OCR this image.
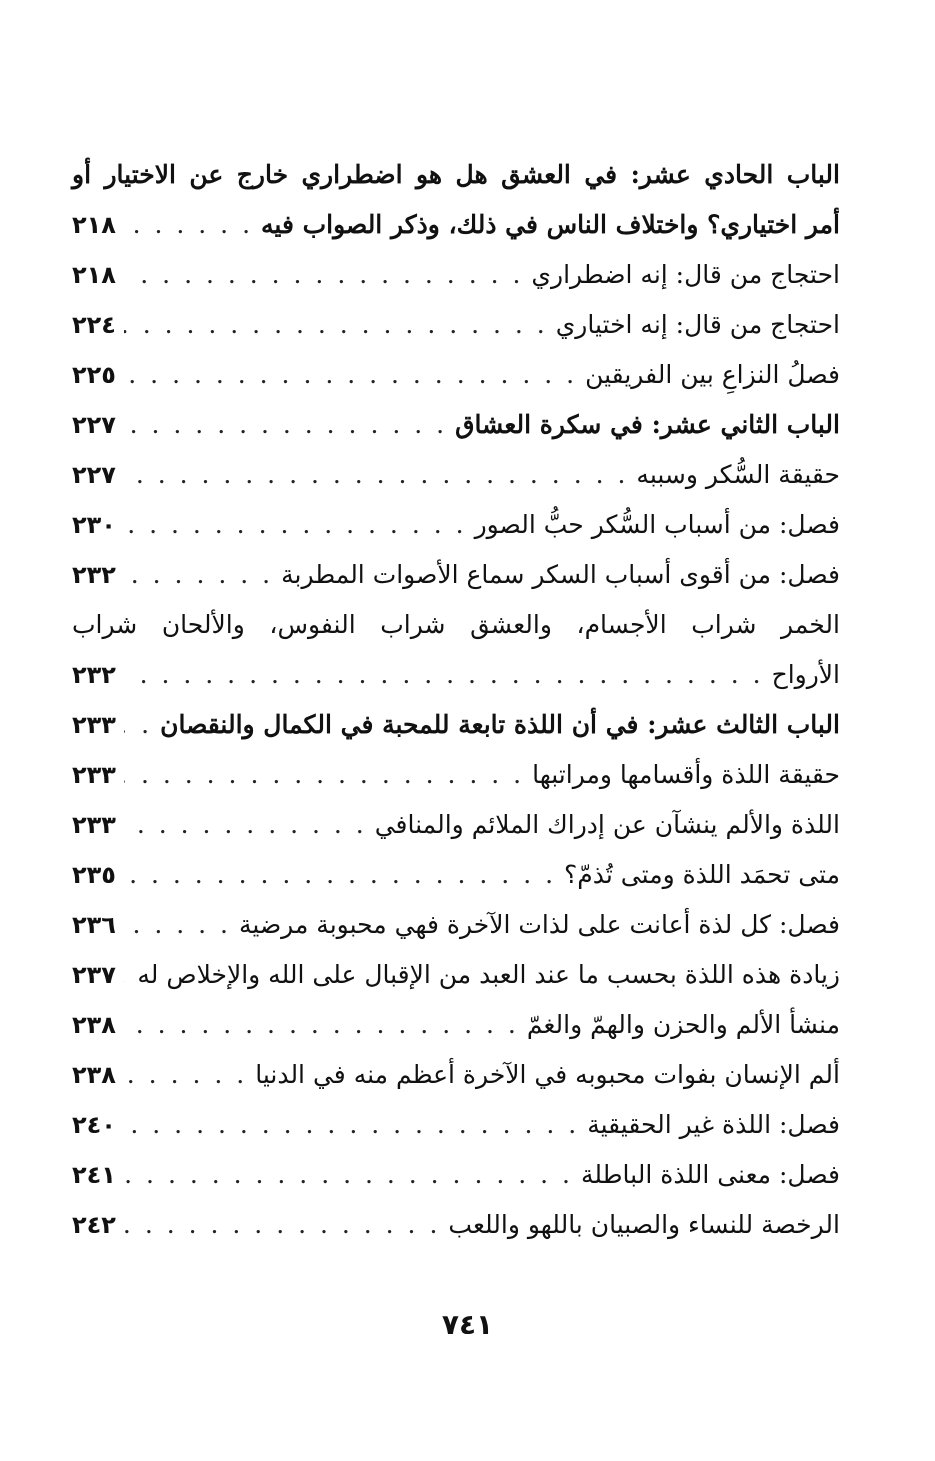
الباب الحادي عشر: في العشق هل هو اضطراري خارج عن الاختيار أو
أمر اختياري؟ واختلاف الناس في ذلك، وذكر الصواب فيه
. . .
٢١٨
احتجاج من قال: إنه اضطراري
. . .
٢١٨
احتجاج من قال: إنه اختياري
. . .
٢٢٤
فصلُ النزاعِ بين الفريقين
. . .
٢٢٥
الباب الثاني عشر: في سكرة العشاق
. . .
٢٢٧
حقيقة السُّكر وسببه
. . .
٢٢٧
فصل: من أسباب السُّكر حبُّ الصور
. . .
٢٣٠
فصل: من أقوى أسباب السكر سماع الأصوات المطربة
. . .
٢٣٢
الخمر شراب الأجسام، والعشق شراب النفوس، والألحان شراب
الأرواح
. . .
٢٣٢
الباب الثالث عشر: في أن اللذة تابعة للمحبة في الكمال والنقصان
. . .
٢٣٣
حقيقة اللذة وأقسامها ومراتبها
. . .
٢٣٣
اللذة والألم ينشآن عن إدراك الملائم والمنافي
. . .
٢٣٣
متى تحمَد اللذة ومتى تُذمّ؟
. . .
٢٣٥
فصل: كل لذة أعانت على لذات الآخرة فهي محبوبة مرضية
. . .
٢٣٦
زيادة هذه اللذة بحسب ما عند العبد من الإقبال على الله والإخلاص له
. . .
٢٣٧
منشأ الألم والحزن والهمّ والغمّ
. . .
٢٣٨
ألم الإنسان بفوات محبوبه في الآخرة أعظم منه في الدنيا
. . .
٢٣٨
فصل: اللذة غير الحقيقية
. . .
٢٤٠
فصل: معنى اللذة الباطلة
. . .
٢٤١
الرخصة للنساء والصبيان باللهو واللعب
. . .
٢٤٢
٧٤١
